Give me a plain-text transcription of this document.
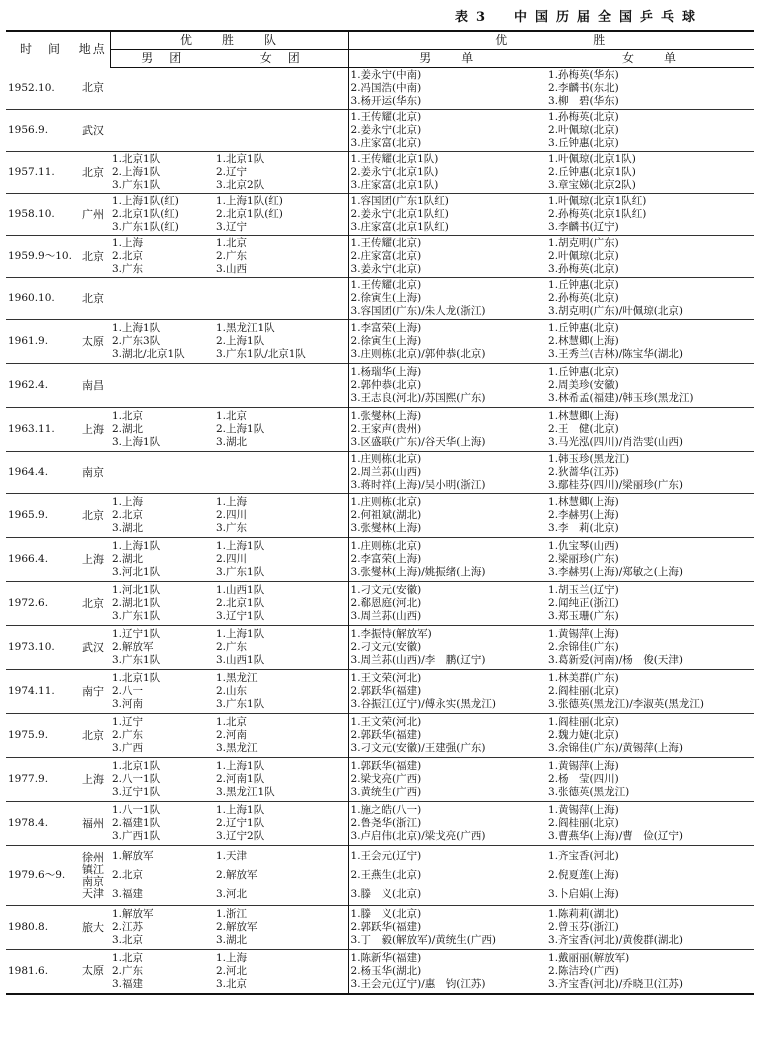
表3　中国历届全国乒乓球
时　间	地点	优　　胜　　队		优　　　　　　胜	
		男　团	女　团	男　　单	女　　单
1952.10.	北京			1.姜永宁(中南)
2.冯国浩(中南)
3.杨开运(华东)	1.孙梅英(华东)
2.李麟书(东北)
3.柳　碧(华东)

1956.9.	武汉			1.王传耀(北京)
2.姜永宁(北京)
3.庄家富(北京)	1.孙梅英(北京)
2.叶佩琼(北京)
3.丘钟惠(北京)

1957.11.	北京	1.北京1队
2.上海1队
3.广东1队	1.北京1队
2.辽宁
3.北京2队	1.王传耀(北京1队)
2.姜永宁(北京1队)
3.庄家富(北京1队)	1.叶佩琼(北京1队)
2.丘钟惠(北京1队)
3.章宝娣(北京2队)

1958.10.	广州	1.上海1队(红)
2.北京1队(红)
3.广东1队(红)	1.上海1队(红)
2.北京1队(红)
3.辽宁	1.容国团(广东1队红)
2.姜永宁(北京1队红)
3.庄家富(北京1队红)	1.叶佩琼(北京1队红)
2.孙梅英(北京1队红)
3.李麟书(辽宁)

1959.9～10.	北京	1.上海
2.北京
3.广东	1.北京
2.广东
3.山西	1.王传耀(北京)
2.庄家富(北京)
3.姜永宁(北京)	1.胡克明(广东)
2.叶佩琼(北京)
3.孙梅英(北京)

1960.10.	北京			1.王传耀(北京)
2.徐寅生(上海)
3.容国团(广东)/朱人龙(浙江)	1.丘钟惠(北京)
2.孙梅英(北京)
3.胡克明(广东)/叶佩琼(北京)

1961.9.	太原	1.上海1队
2.广东3队
3.湖北/北京1队	1.黑龙江1队
2.上海1队
3.广东1队/北京1队	1.李富荣(上海)
2.徐寅生(上海)
3.庄则栋(北京)/郭仲恭(北京)	1.丘钟惠(北京)
2.林慧卿(上海)
3.王秀兰(吉林)/陈宝华(湖北)

1962.4.	南昌			1.杨瑞华(上海)
2.郭仲恭(北京)
3.王志良(河北)/苏国熙(广东)	1.丘钟惠(北京)
2.周美珍(安徽)
3.林希孟(福建)/韩玉珍(黑龙江)

1963.11.	上海	1.北京
2.湖北
3.上海1队	1.北京
2.上海1队
3.湖北	1.张燮林(上海)
2.王家声(贵州)
3.区盛联(广东)/谷天华(上海)	1.林慧卿(上海)
2.王　健(北京)
3.马光泓(四川)/肖浩雯(山西)

1964.4.	南京			1.庄则栋(北京)
2.周兰荪(山西)
3.蒋时祥(上海)/吴小明(浙江)	1.韩玉珍(黑龙江)
2.狄蔷华(江苏)
3.鄢桂芬(四川)/梁丽珍(广东)

1965.9.	北京	1.上海
2.北京
3.湖北	1.上海
2.四川
3.广东	1.庄则栋(北京)
2.何祖斌(湖北)
3.张燮林(上海)	1.林慧卿(上海)
2.李赫男(上海)
3.李　莉(北京)

1966.4.	上海	1.上海1队
2.湖北
3.河北1队	1.上海1队
2.四川
3.广东1队	1.庄则栋(北京)
2.李富荣(上海)
3.张燮林(上海)/姚振绪(上海)	1.仇宝琴(山西)
2.梁丽珍(广东)
3.李赫男(上海)/郑敏之(上海)

1972.6.	北京	1.河北1队
2.湖北1队
3.广东1队	1.山西1队
2.北京1队
3.辽宁1队	1.刁文元(安徽)
2.郗恩庭(河北)
3.周兰荪(山西)	1.胡玉兰(辽宁)
2.闻纯正(浙江)
3.郑玉珊(广东)

1973.10.	武汉	1.辽宁1队
2.解放军
3.广东1队	1.上海1队
2.广东
3.山西1队	1.李振恃(解放军)
2.刁文元(安徽)
3.周兰荪(山西)/李　鹏(辽宁)	1.黄锡萍(上海)
2.余锦佳(广东)
3.葛新爱(河南)/杨　俊(天津)

1974.11.	南宁	1.北京1队
2.八一
3.河南	1.黑龙江
2.山东
3.广东1队	1.王文荣(河北)
2.郭跃华(福建)
3.谷振江(辽宁)/傅永实(黑龙江)	1.林美群(广东)
2.阎桂丽(北京)
3.张德英(黑龙江)/李淑英(黑龙江)

1975.9.	北京	1.辽宁
2.广东
3.广西	1.北京
2.河南
3.黑龙江	1.王文荣(河北)
2.郭跃华(福建)
3.刁文元(安徽)/王建强(广东)	1.阎桂丽(北京)
2.魏力婕(北京)
3.余锦佳(广东)/黄锡萍(上海)

1977.9.	上海	1.北京1队
2.八一1队
3.辽宁1队	1.上海1队
2.河南1队
3.黑龙江1队	1.郭跃华(福建)
2.梁戈亮(广西)
3.黄统生(广西)	1.黄锡萍(上海)
2.杨　莹(四川)
3.张德英(黑龙江)

1978.4.	福州	1.八一1队
2.福建1队
3.广西1队	1.上海1队
2.辽宁1队
3.辽宁2队	1.施之皓(八一)
2.鲁尧华(浙江)
3.卢启伟(北京)/梁戈亮(广西)	1.黄锡萍(上海)
2.阎桂丽(北京)
3.曹燕华(上海)/曹　俭(辽宁)

1979.6～9.	徐州
镇江
南京
天津	1.解放军
2.北京
3.福建	1.天津
2.解放军
3.河北	1.王会元(辽宁)
2.王燕生(北京)
3.滕　义(北京)	1.齐宝香(河北)
2.倪夏莲(上海)
3.卜启娟(上海)

1980.8.	旅大	1.解放军
2.江苏
3.北京	1.浙江
2.解放军
3.湖北	1.滕　义(北京)
2.郭跃华(福建)
3.丁　毅(解放军)/黄统生(广西)	1.陈莉莉(湖北)
2.曾玉芬(浙江)
3.齐宝香(河北)/黄俊群(湖北)

1981.6.	太原	1.北京
2.广东
3.福建	1.上海
2.河北
3.北京	1.陈新华(福建)
2.杨玉华(湖北)
3.王会元(辽宁)/惠　钧(江苏)	1.戴丽丽(解放军)
2.陈洁玲(广西)
3.齐宝香(河北)/乔晓卫(江苏)
